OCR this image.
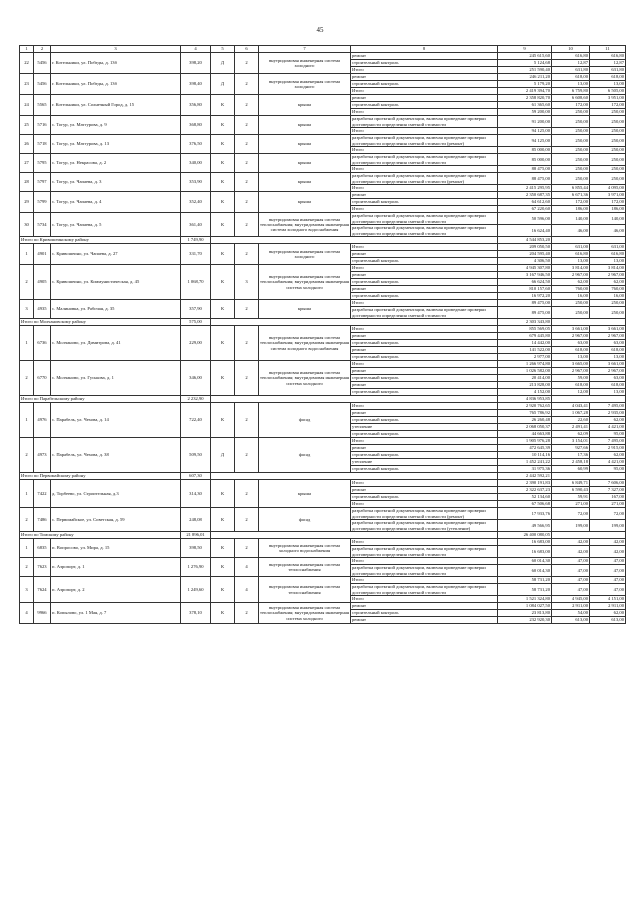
45
1	2	3	4	5	6	7	8	9	10	11
22	5456	г. Котельники, ул. Победы, д. 13б	398,20	Д	2	внутридомовая инженерная система холодного	ремонт	245 615,60	616,80	616,80
							строительный контроль	5 124,68	12,87	12,87
							Итого	251 590,40	631,80	631,80
23	5456	г. Котельники, ул. Победы, д. 13б	398,40	Д	2	внутридомовая инженерная система холодного	ремонт	246 211,20	618,00	618,00
							строительный контроль	5 179,20	13,00	13,00
							Итого	2 419 394,70	6 759,80	6 505,00
24	5565	г. Котельники, ул. Солнечный Город, д. 15	356,80	К	2	крыша	ремонт	2 358 820,70	6 608,60	3 951,00
							строительный контроль	61 365,60	172,00	172,00
							Итого	59 200,00	250,00	250,00
25	5716	с. Тогур, ул. Матгурова, д. 9	368,80	К	2	крыша	разработка проектной документации, включая проведение проверки достоверности определения сметной стоимости	91 200,00	250,00	250,00
							Итого	94 125,00	250,00	250,00
26	5718	с. Тогур, ул. Матгурова, д. 13	376,50	К	2	крыша	разработка проектной документации, включая проведение проверки достоверности определения сметной стоимости (ремонт)	94 125,00	250,00	250,00
							Итого	85 000,00	250,00	250,00
27	5795	с. Тогур, ул. Некрасова, д. 2	340,00	К	2	крыша	разработка проектной документации, включая проведение проверки достоверности определения сметной стоимости	85 000,00	250,00	250,00
							Итого	88 475,00	250,00	250,00
28	5797	с. Тогур, ул. Чапаева, д. 3	353,90	К	2	крыша	разработка проектной документации, включая проведение проверки достоверности определения сметной стоимости (ремонт)	88 475,00	250,00	250,00
							Итого	2 415 295,95	6 855,44	4 095,00
29	5799	с. Тогур, ул. Чапаева, д. 4	352,40	К	2	крыша	ремонт	2 350 687,35	6 671,36	3 971,00
							строительный контроль	64 612,60	172,00	172,00
							Итого	67 220,60	186,00	186,00
30	5734	с. Тогур, ул. Чапаева, д. 5	361,40	К	2	внутридомовая инженерная система теплоснабжения; внутридомовая инженерная система холодного водоснабжения	разработка проектной документации, включая проведение проверки достоверности определения сметной стоимости	50 596,00	140,00	140,00
							разработка проектной документации, включая проведение проверки достоверности определения сметной стоимости	16 624,40	46,00	46,00
Итого по Кривошеинскому району			1 749,90					4 544 853,20		
1	4901	с. Кривошеино, ул. Чапаева, д. 27	331,70	К	2	внутридомовая инженерная система холодного	Итого	209 050,50	631,00	631,00
							ремонт	204 595,40	616,80	616,80
							строительный контроль	4 306,50	13,00	13,00
2	4905	с. Кривошеино, ул. Коммунистическая, д. 45	1 068,70	К	3	внутридомовая инженерная система теплоснабжения; внутридомовая инженерная система холодного	Итого	4 945 307,80	3 814,00	3 814,00
							ремонт	3 167 946,50	2 967,00	2 967,00
							строительный контроль	66 624,50	62,00	62,00
							ремонт	810 157,60	760,00	760,00
							строительный контроль	16 972,20	16,00	16,00
3	4935	с. Малиновка, ул. Рабочая, д. 35	357,90	К	2	крыша	Итого	89 475,00	250,00	250,00
							разработка проектной документации, включая проведение проверки достоверности определения сметной стоимости	89 475,00	250,00	250,00
Итого по Молчановскому району			575,00					2 303 343,80		
1	6736	с. Молчаново, ул. Димитрова, д. 41	229,00	К	2	внутридомовая инженерная система теплоснабжения; внутридомовая инженерная система холодного водоснабжения	Итого	855 569,05	3 661,00	3 661,00
							ремонт	679 445,80	2 967,00	2 967,00
							строительный контроль	14 442,00	63,00	63,00
							ремонт	141 522,00	618,00	618,00
							строительный контроль	2 977,00	13,00	13,00
2	6770	с. Молчаново, ул. Гуськова, д. 1	346,00	К	2	внутридомовая инженерная система теплоснабжения; внутридомовая инженерная система холодного	Итого	1 266 974,80	3 665,00	3 661,00
							ремонт	1 026 582,00	2 967,00	2 967,00
							строительный контроль	20 414,00	59,00	63,00
							ремонт	213 828,00	618,00	618,00
							строительный контроль	4 152,00	12,00	13,00
Итого по Парабельскому району			2 232,90					4 836 953,85		
1	4976	с. Парабель, ул. Чехова, д. 14	722,40	К	2	фасад	Итого	2 920 762,65	4 043,41	7 495,00
							ремонт	765 786,92	1 067,28	2 935,00
							строительный контроль	26 260,48	22,60	62,00
							утепление	2 068 050,37	2 491,41	4 421,00
							строительный контроль	44 663,88	62,09	95,00
2	4973	с. Парабель, ул. Чехова, д. 38	509,50	Д	2	фасад	Итого	1 905 976,28	3 154,01	7 495,00
							ремонт	472 645,39	927,66	2 915,00
							строительный контроль	10 114,16	17,36	62,00
							утепление	1 452 241,22	2 458,18	4 421,00
							строительный контроль	31 975,36	60,99	95,00
Итого по Первомайскому району			607,30					2 442 592,21		
1	7422	д. Торбеево, ул. Строительная, д.3	314,30	К	2	крыша	Итого	2 390 191,83	6 849,71	7 606,00
							ремонт	2 322 637,23	6 590,43	7 327,00
							строительный контроль	52 134,60	59,91	167,00
							Итого	67 506,68	271,00	271,00
2	7486	с. Первомайское, ул. Советская, д. 59	248,08	К	2	фасад	разработка проектной документации, включая проведение проверки достоверности определения сметной стоимости (ремонт)	17 933,76	72,00	72,00
							разработка проектной документации, включая проведение проверки достоверности определения сметной стоимости (утепление)	49 566,95	199,00	199,00
Итого по Томскому району			21 896,01					26 400 080,05		
1	6835	п. Вопросово, ул. Мира, д. 15	398,50	К	2	внутридомовая инженерная система холодного водоснабжения	Итого	16 683,00	42,00	42,00
							разработка проектной документации, включая проведение проверки достоверности определения сметной стоимости	16 683,00	42,00	42,00
2	7623	п. Аэропорт, д. 1	1 276,90	К	4	внутридомовая инженерная система теплоснабжения	Итого	60 014,30	47,00	47,00
							разработка проектной документации, включая проведение проверки достоверности определения сметной стоимости	60 014,30	47,00	47,00
3	7624	п. Аэропорт, д. 2	1 249,60	К	4	внутридомовая инженерная система теплоснабжения	Итого	58 731,20	47,00	47,00
							разработка проектной документации, включая проведение проверки достоверности определения сметной стоимости	58 731,20	47,00	47,00
							Итого	1 521 324,80	4 945,00	4 151,00
4	9966	п. Копылово, ул. 1 Мая, д. 7	378,10	К	2	внутридомовая инженерная система теплоснабжения; внутридомовая инженерная система холодного	ремонт	1 084 027,50	2 911,00	2 911,00
							строительный контроль	23 813,80	54,00	62,00
							ремонт	232 920,30	613,00	613,00
